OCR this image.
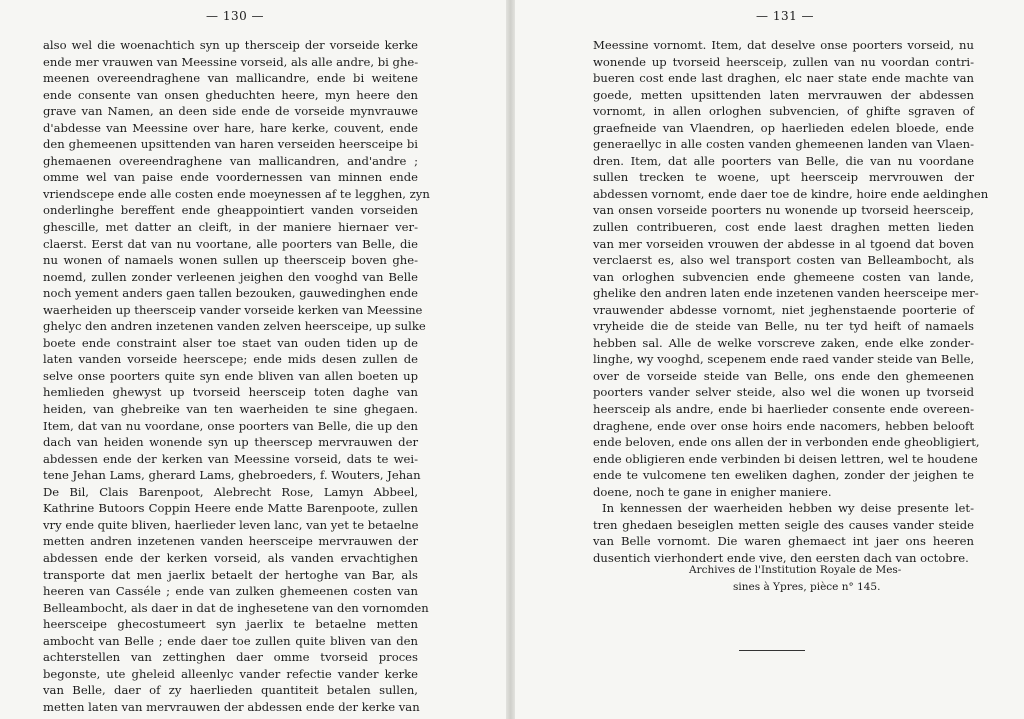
— 130 —	— 131 —
also wel die woenachtich syn up therscеip der vorseide kerke
ende mer vrauwen van Meessine vorseid, als alle andre, bi ghe-
meenen overeendraghene van mallicandre, ende bi weitene
ende consente van onsen gheduchten heere, myn heere den
grave van Namen, an deen side ende de vorseide mynvrauwe
d'abdesse van Meessine over hare, hare kerke, couvent, ende
den ghemeenen upsittenden van haren verseiden heerscеipe bi
ghemaenen overeendraghene van mallicandren, and'andre ;
omme wel van paise ende voordernessen van minnen ende
vriendscepe ende alle costen ende moeynessen af te legghen, zyn
onderlinghe bereffent ende gheappointiert vanden vorseiden
ghescille, met datter an cleift, in der maniere hiernaer ver-
claerst. Eerst dat van nu voortane, alle poorters van Belle, die
nu wonen of namaels wonen sullen up theerscеip boven ghe-
noemd, zullen zonder verleenen jeighen den vooghd van Belle
noch yement anders gaen tallen bezouken, gauwedinghen ende
waerheiden up theerscеip vander vorseide kerken van Meessine
ghelyc den andren inzetenen vanden zelven heerscеipe, up sulke
boete ende constraint alser toe staet van ouden tiden up de
laten vanden vorseide heerscеpe; ende mids desen zullen de
selve onse poorters quite syn ende bliven van allen boeten up
hemlieden ghewyst up tvorseid heerscеip toten daghe van
heiden, van ghebreike van ten waerheiden te sine ghegaen.
Item, dat van nu voordane, onse poorters van Belle, die up den
dach van heiden wonende syn up theerscеp mervrauwen der
abdessen ende der kerken van Meessine vorseid, dats te wei-
tene Jehan Lams, gherard Lams, ghebroeders, f. Wouters, Jehan
De Bil, Clais Barenpoot, Alebrecht Rose, Lamyn Abbeel,
Kathrine Butoors Coppin Heere ende Matte Barenpoote, zullen
vry ende quite bliven, haerlieder leven lanc, van yet te betaelne
metten andren inzetenen vanden heerscеipe mervrauwen der
abdessen ende der kerken vorseid, als vanden ervachtighen
transporte dat men jaerlix betaelt der hertoghe van Bar, als
heeren van Casséle ; ende van zulken ghemeenen costen van
Belleambocht, als daer in dat de inghesetene van den vornomden
heerscеipe ghecostumeert syn jaerlix te betaelne metten
ambocht van Belle ; ende daer toe zullen quite bliven van den
achterstellen van zettinghen daer omme tvorseid proces
begonste, ute gheleid alleenlyc vander refectie vander kerke
van Belle, daer of zy haerlieden quantiteit betalen sullen,
metten laten van mervrauwen der abdessen ende der kerke van
Meessine vornomt. Item, dat deselve onse poorters vorseid, nu
wonende up tvorseid heerscеip, zullen van nu voordan contri-
bueren cost ende last draghen, elc naer state ende machte van
goede, metten upsittenden laten mervrauwen der abdessen
vornomt, in allen orloghen subvencien, of ghifte sgraven of
graefneide van Vlaendren, op haerlieden edelen bloede, ende
generaellyc in alle costen vanden ghemeenen landen van Vlaen-
dren. Item, dat alle poorters van Belle, die van nu voordane
sullen trecken te woene, upt heerscеip mervrouwen der
abdessen vornomt, ende daer toe de kindre, hoire ende aeldinghen
van onsen vorseide poorters nu wonende up tvorseid heerscеip,
zullen contribueren, cost ende laest draghen metten lieden
van mer vorseiden vrouwen der abdesse in al tgoend dat boven
verclaerst es, also wel transport costen van Belleambocht, als
van orloghen subvencien ende ghemeene costen van lande,
ghelike den andren laten ende inzetenen vanden heerscеipe mer-
vrauwender abdesse vornomt, niet jeghenstaende poorterie of
vryheide die de steide van Belle, nu ter tyd heift of namaels
hebben sal. Alle de welke vorscreve zaken, ende elke zonder-
linghe, wy vooghd, scepenem ende raed vander steide van Belle,
over de vorseide steide van Belle, ons ende den ghemeenen
poorters vander selver steide, also wel die wonen up tvorseid
heerscеip als andre, ende bi haerlieder consente ende overeen-
draghene, ende over onse hoirs ende nacomers, hebben belooft
ende beloven, ende ons allen der in verbonden ende gheobligiert,
ende obligieren ende verbinden bi deisen lettren, wel te houdene
ende te vulcomene ten eweliken daghen, zonder der jeighen te
doene, noch te gane in enigher maniere.
In kennessen der waerheiden hebben wy deise presente let-
tren ghedaen beseiglen metten seigle des causes vander steide
van Belle vornomt. Die waren ghemaect int jaer ons heeren
dusentich vierhondert ende vive, den eersten dach van octobre.
Archives de l'Institution Royale de Mes-
sines à Ypres, pièce n° 145.
